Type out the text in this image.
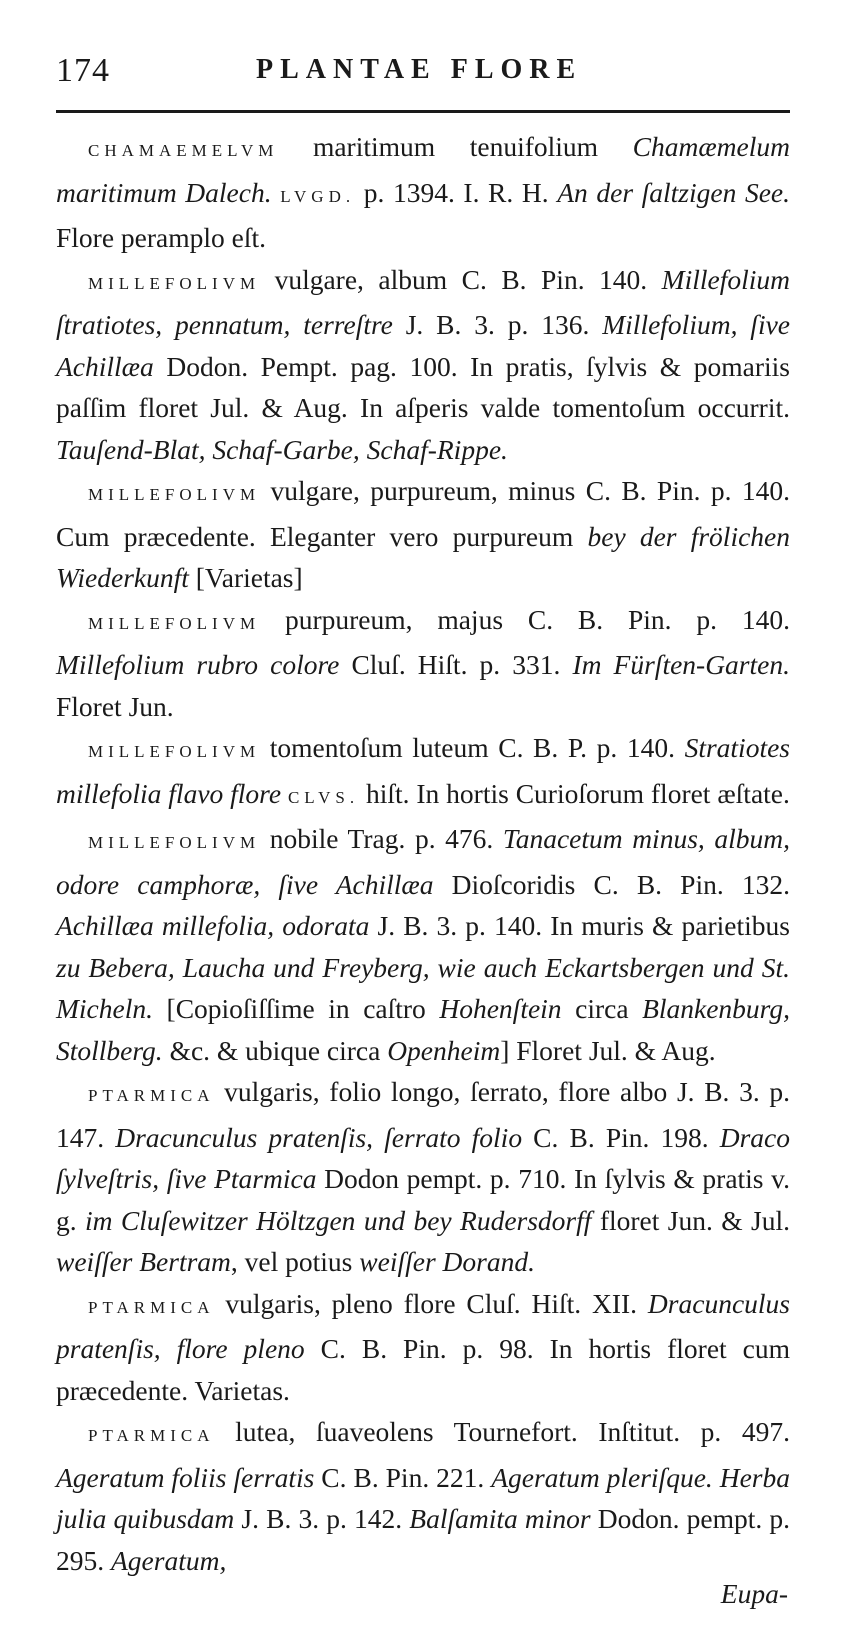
174	PLANTAE FLORE

CHAMAEMELVM maritimum tenuifolium Chamæmelum maritimum Dalech. LVGD. p. 1394. I. R. H. An der ſaltzigen See. Flore peramplo eſt.

MILLEFOLIVM vulgare, album C. B. Pin. 140. Millefolium ſtratiotes, pennatum, terreſtre J. B. 3. p. 136. Millefolium, ſive Achillæa Dodon. Pempt. pag. 100. In pratis, ſylvis & pomariis paſſim floret Jul. & Aug. In aſperis valde tomentoſum occurrit. Tauſend-Blat, Schaf-Garbe, Schaf-Rippe.

MILLEFOLIVM vulgare, purpureum, minus C. B. Pin. p. 140. Cum præcedente. Eleganter vero purpureum bey der frölichen Wiederkunft [Varietas]

MILLEFOLIVM purpureum, majus C. B. Pin. p. 140. Millefolium rubro colore Cluſ. Hiſt. p. 331. Im Fürſten-Garten. Floret Jun.

MILLEFOLIVM tomentoſum luteum C. B. P. p. 140. Stratiotes millefolia flavo flore CLVS. hiſt. In hortis Curioſorum floret æſtate.

MILLEFOLIVM nobile Trag. p. 476. Tanacetum minus, album, odore camphoræ, ſive Achillæa Dioſcoridis C. B. Pin. 132. Achillæa millefolia, odorata J. B. 3. p. 140. In muris & parietibus zu Bebera, Laucha und Freyberg, wie auch Eckartsbergen und St. Micheln. [Copioſiſſime in caſtro Hohenſtein circa Blankenburg, Stollberg. &c. & ubique circa Openheim] Floret Jul. & Aug.

PTARMICA vulgaris, folio longo, ſerrato, flore albo J. B. 3. p. 147. Dracunculus pratenſis, ſerrato folio C. B. Pin. 198. Draco ſylveſtris, ſive Ptarmica Dodon pempt. p. 710. In ſylvis & pratis v. g. im Cluſewitzer Höltzgen und bey Rudersdorff floret Jun. & Jul. weiſſer Bertram, vel potius weiſſer Dorand.

PTARMICA vulgaris, pleno flore Cluſ. Hiſt. XII. Dracunculus pratenſis, flore pleno C. B. Pin. p. 98. In hortis floret cum præcedente. Varietas.

PTARMICA lutea, ſuaveolens Tournefort. Inſtitut. p. 497. Ageratum foliis ſerratis C. B. Pin. 221. Ageratum pleriſque. Herba julia quibusdam J. B. 3. p. 142. Balſamita minor Dodon. pempt. p. 295. Ageratum,

Eupa-
